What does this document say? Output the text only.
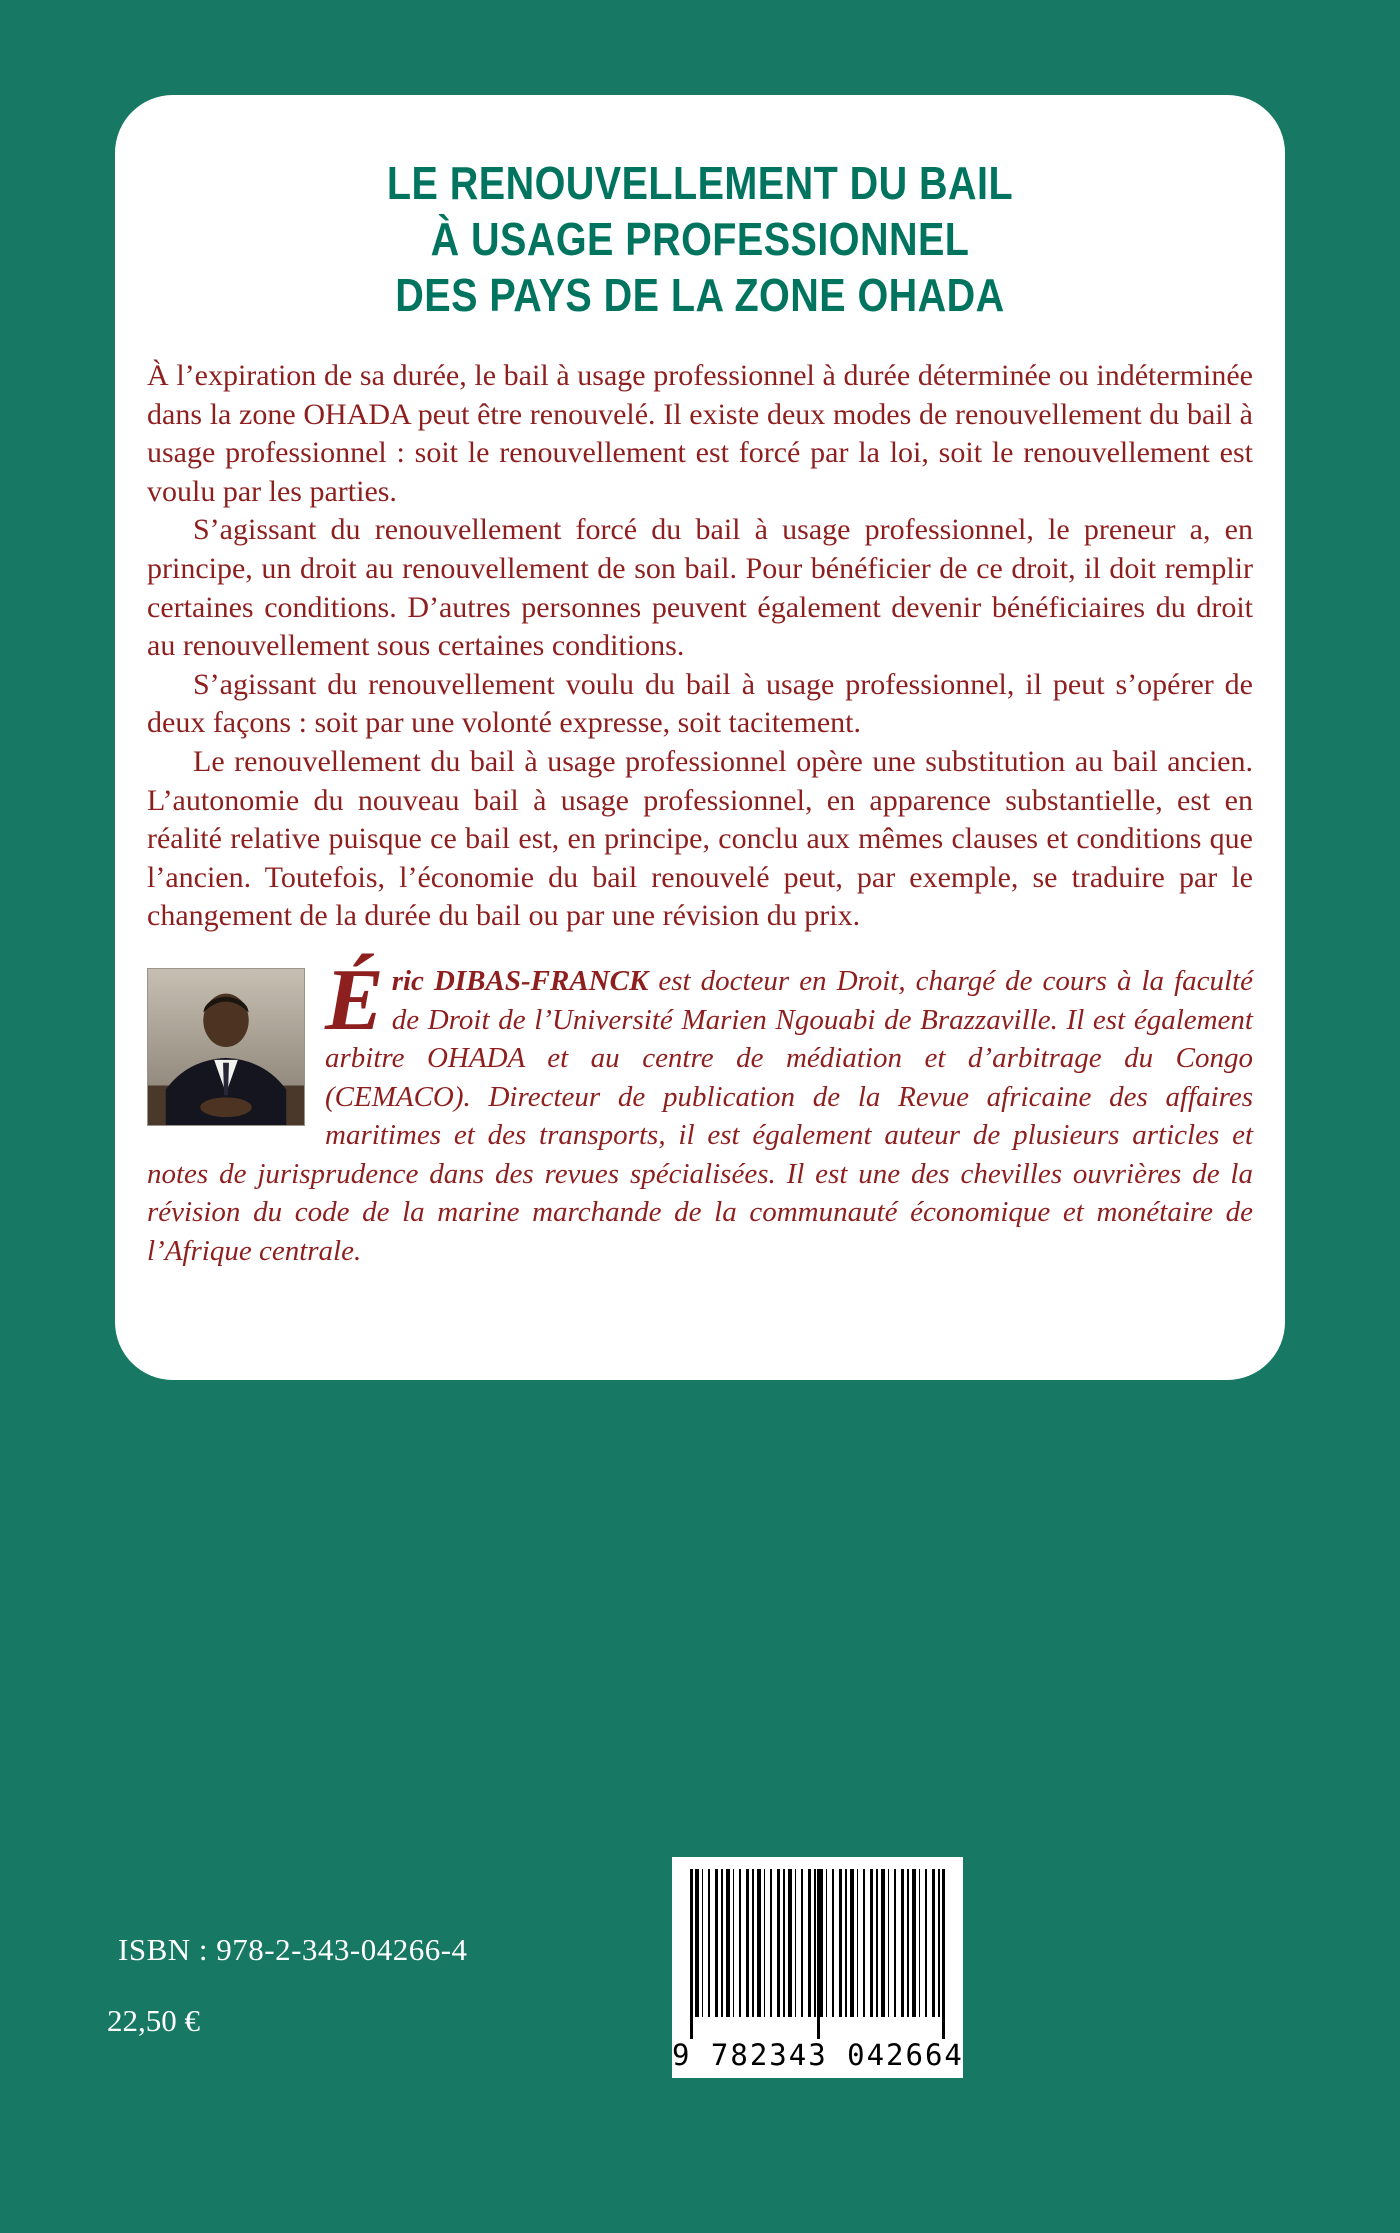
LE RENOUVELLEMENT DU BAIL
À USAGE PROFESSIONNEL
DES PAYS DE LA ZONE OHADA

À l’expiration de sa durée, le bail à usage professionnel à durée déterminée ou indéterminée dans la zone OHADA peut être renouvelé. Il existe deux modes de renouvellement du bail à usage professionnel : soit le renouvellement est forcé par la loi, soit le renouvellement est voulu par les parties.

S’agissant du renouvellement forcé du bail à usage professionnel, le preneur a, en principe, un droit au renouvellement de son bail. Pour bénéficier de ce droit, il doit remplir certaines conditions. D’autres personnes peuvent également devenir bénéficiaires du droit au renouvellement sous certaines conditions.

S’agissant du renouvellement voulu du bail à usage professionnel, il peut s’opérer de deux façons : soit par une volonté expresse, soit tacitement.

Le renouvellement du bail à usage professionnel opère une substitution au bail ancien. L’autonomie du nouveau bail à usage professionnel, en apparence substantielle, est en réalité relative puisque ce bail est, en principe, conclu aux mêmes clauses et conditions que l’ancien. Toutefois, l’économie du bail renouvelé peut, par exemple, se traduire par le changement de la durée du bail ou par une révision du prix.

Éric DIBAS-FRANCK est docteur en Droit, chargé de cours à la faculté de Droit de l’Université Marien Ngouabi de Brazzaville. Il est également arbitre OHADA et au centre de médiation et d’arbitrage du Congo (CEMACO). Directeur de publication de la Revue africaine des affaires maritimes et des transports, il est également auteur de plusieurs articles et notes de jurisprudence dans des revues spécialisées. Il est une des chevilles ouvrières de la révision du code de la marine marchande de la communauté économique et monétaire de l’Afrique centrale.
ISBN : 978-2-343-04266-4
22,50 €
9 782343 042664
